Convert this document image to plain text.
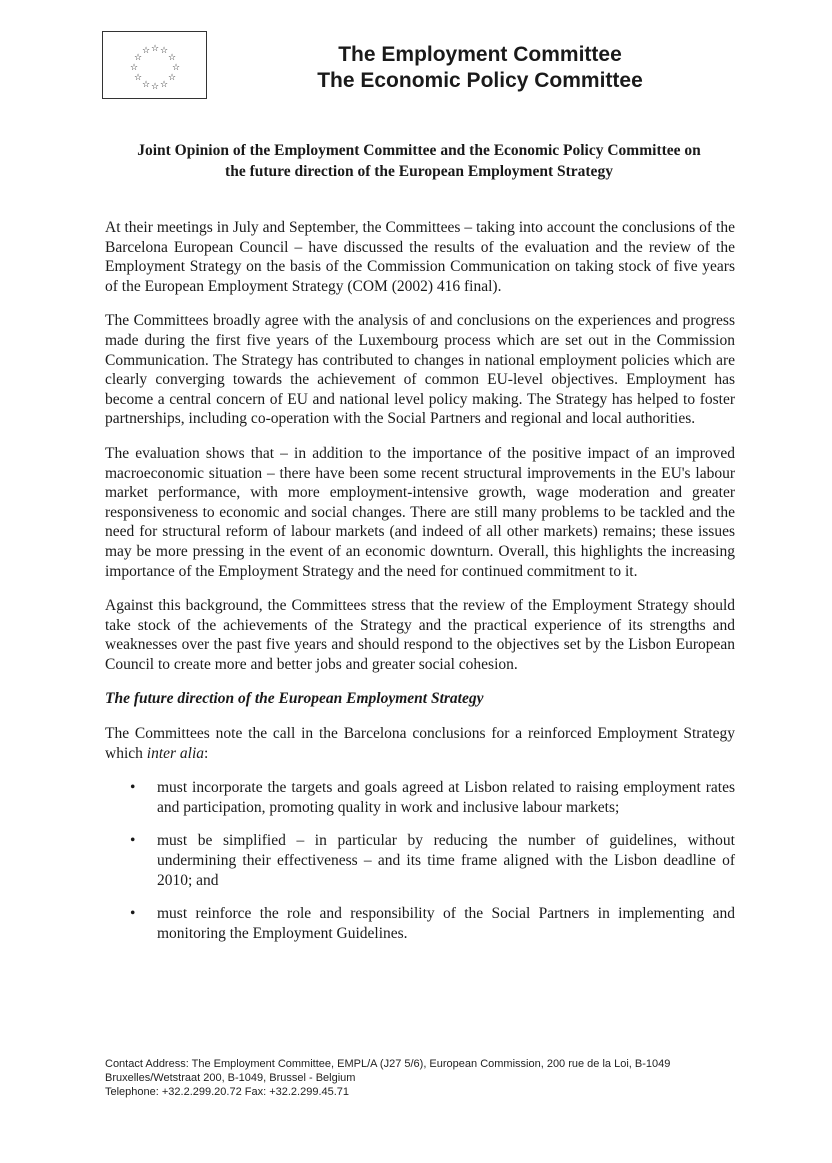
☆
☆ ☆
☆	☆
☆	☆
☆	☆
☆ ☆
☆
The Employment Committee
The Economic Policy Committee
Joint Opinion of the Employment Committee and the Economic Policy Committee on
the future direction of the European Employment Strategy

At their meetings in July and September, the Committees – taking into account the conclusions of the Barcelona European Council – have discussed the results of the evaluation and the review of the Employment Strategy on the basis of the Commission Communication on taking stock of five years of the European Employment Strategy (COM (2002) 416 final).

The Committees broadly agree with the analysis of and conclusions on the experiences and progress made during the first five years of the Luxembourg process which are set out in the Commission Communication. The Strategy has contributed to changes in national employment policies which are clearly converging towards the achievement of common EU-level objectives. Employment has become a central concern of EU and national level policy making. The Strategy has helped to foster partnerships, including co-operation with the Social Partners and regional and local authorities.

The evaluation shows that – in addition to the importance of the positive impact of an improved macroeconomic situation – there have been some recent structural improvements in the EU's labour market performance, with more employment-intensive growth, wage moderation and greater responsiveness to economic and social changes. There are still many problems to be tackled and the need for structural reform of labour markets (and indeed of all other markets) remains; these issues may be more pressing in the event of an economic downturn. Overall, this highlights the increasing importance of the Employment Strategy and the need for continued commitment to it.

Against this background, the Committees stress that the review of the Employment Strategy should take stock of the achievements of the Strategy and the practical experience of its strengths and weaknesses over the past five years and should respond to the objectives set by the Lisbon European Council to create more and better jobs and greater social cohesion.

The future direction of the European Employment Strategy

The Committees note the call in the Barcelona conclusions for a reinforced Employment Strategy which inter alia:

• must incorporate the targets and goals agreed at Lisbon related to raising employment rates and participation, promoting quality in work and inclusive labour markets;
• must be simplified – in particular by reducing the number of guidelines, without undermining their effectiveness – and its time frame aligned with the Lisbon deadline of 2010; and
• must reinforce the role and responsibility of the Social Partners in implementing and monitoring the Employment Guidelines.
Contact Address: The Employment Committee, EMPL/A (J27 5/6), European Commission, 200 rue de la Loi, B-1049
Bruxelles/Wetstraat 200, B-1049, Brussel - Belgium
Telephone: +32.2.299.20.72 Fax: +32.2.299.45.71
